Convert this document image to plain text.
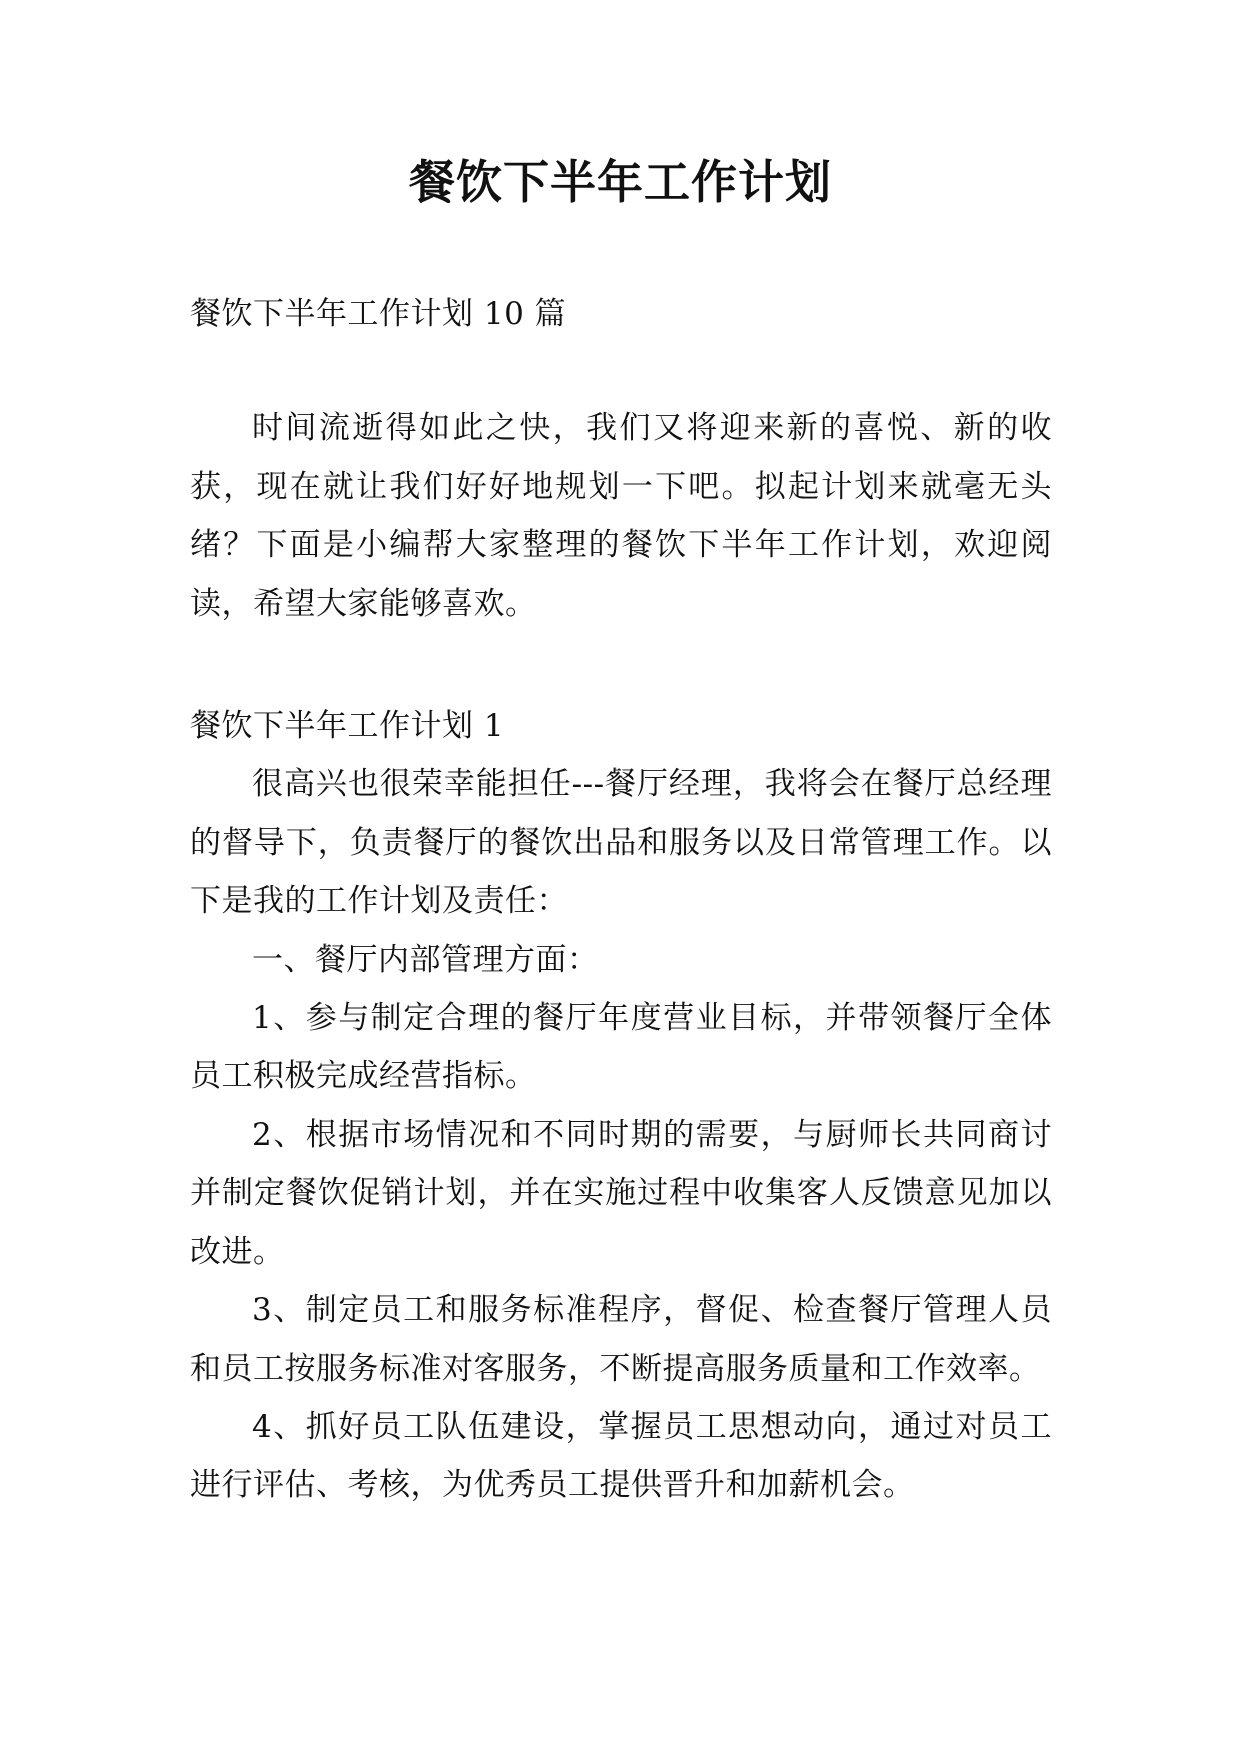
餐饮下半年工作计划

餐饮下半年工作计划 10 篇

时间流逝得如此之快，我们又将迎来新的喜悦、新的收获，现在就让我们好好地规划一下吧。拟起计划来就毫无头绪？下面是小编帮大家整理的餐饮下半年工作计划，欢迎阅读，希望大家能够喜欢。

餐饮下半年工作计划 1

很高兴也很荣幸能担任---餐厅经理，我将会在餐厅总经理的督导下，负责餐厅的餐饮出品和服务以及日常管理工作。以下是我的工作计划及责任：

一、餐厅内部管理方面：

1、参与制定合理的餐厅年度营业目标，并带领餐厅全体员工积极完成经营指标。

2、根据市场情况和不同时期的需要，与厨师长共同商讨并制定餐饮促销计划，并在实施过程中收集客人反馈意见加以改进。

3、制定员工和服务标准程序，督促、检查餐厅管理人员和员工按服务标准对客服务，不断提高服务质量和工作效率。

4、抓好员工队伍建设，掌握员工思想动向，通过对员工进行评估、考核，为优秀员工提供晋升和加薪机会。
